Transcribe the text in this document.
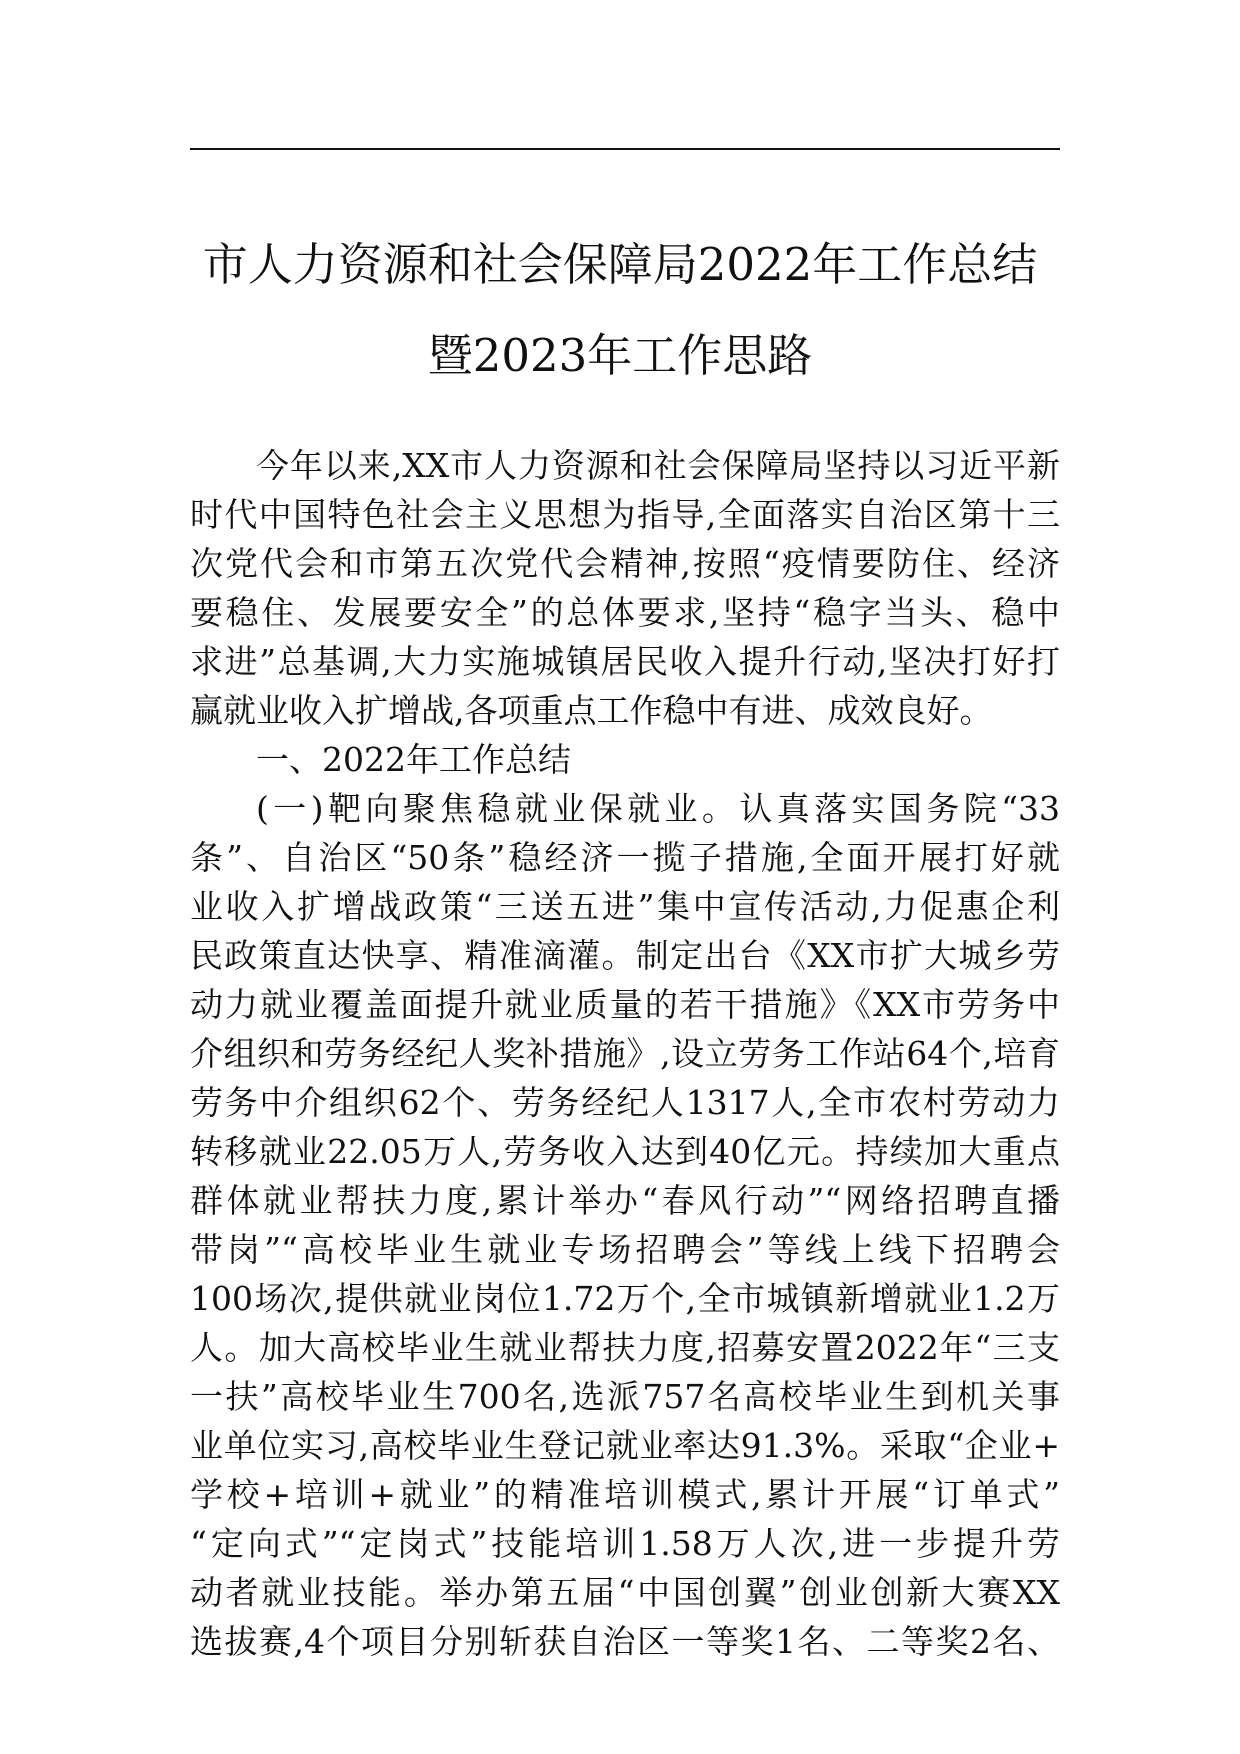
市人力资源和社会保障局2022年工作总结
暨2023年工作思路
今年以来,XX市人力资源和社会保障局坚持以习近平新
时代中国特色社会主义思想为指导,全面落实自治区第十三
次党代会和市第五次党代会精神,按照“疫情要防住、经济
要稳住、发展要安全”的总体要求,坚持“稳字当头、稳中
求进”总基调,大力实施城镇居民收入提升行动,坚决打好打
赢就业收入扩增战,各项重点工作稳中有进、成效良好。
一、2022年工作总结
(一)靶向聚焦稳就业保就业。认真落实国务院“33
条”、自治区“50条”稳经济一揽子措施,全面开展打好就
业收入扩增战政策“三送五进”集中宣传活动,力促惠企利
民政策直达快享、精准滴灌。制定出台《XX市扩大城乡劳
动力就业覆盖面提升就业质量的若干措施》《XX市劳务中
介组织和劳务经纪人奖补措施》,设立劳务工作站64个,培育
劳务中介组织62个、劳务经纪人1317人,全市农村劳动力
转移就业22.05万人,劳务收入达到40亿元。持续加大重点
群体就业帮扶力度,累计举办“春风行动”“网络招聘直播
带岗”“高校毕业生就业专场招聘会”等线上线下招聘会
100场次,提供就业岗位1.72万个,全市城镇新增就业1.2万
人。加大高校毕业生就业帮扶力度,招募安置2022年“三支
一扶”高校毕业生700名,选派757名高校毕业生到机关事
业单位实习,高校毕业生登记就业率达91.3%。采取“企业+
学校+培训+就业”的精准培训模式,累计开展“订单式”
“定向式”“定岗式”技能培训1.58万人次,进一步提升劳
动者就业技能。举办第五届“中国创翼”创业创新大赛XX
选拔赛,4个项目分别斩获自治区一等奖1名、二等奖2名、
